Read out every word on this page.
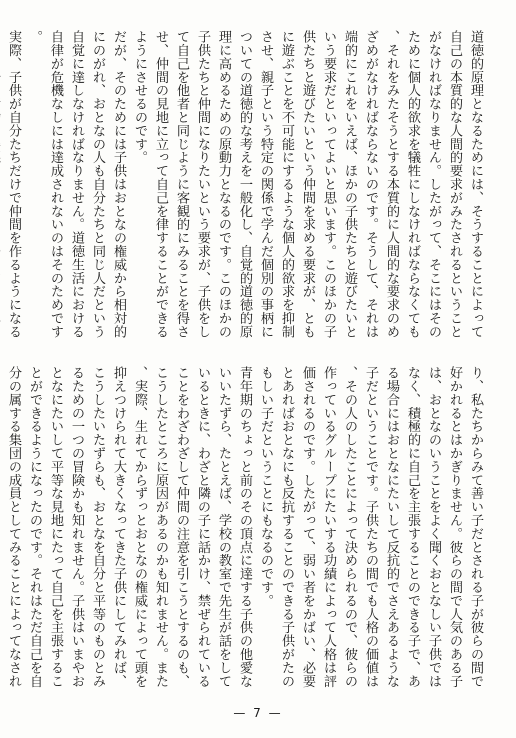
道徳的原理となるためには、そうすることによって自己の本質的な人間的要求がみたされるということがなければなりません。したがって、そこにはそのために個人的欲求を犠牲にしなければならなくても、それをみたそうとする本質的に人間的な要求のめざめがなければならないのです。そうして、それは端的にこれをいえば、ほかの子供たちと遊びたいという要求だといってよいと思います。このほかの子供たちと遊びたいという仲間を求める要求が、ともに遊ぶことを不可能にするような個人的欲求を抑制させ、親子という特定の関係で学んだ個別の事柄についての道徳的な考えを一般化し、自覚的道徳的原理に高めるための原動力となるのです。このほかの子供たちと仲間になりたいという要求が、子供をして自己を他者と同じように客観的にみることを得させ、仲間の見地に立って自己を律することができるようにさせるのです。

だが、そのためには子供はおとなの権威から相対的にのがれ、おとなの人も自分たちと同じ人だという自覚に達しなければなりません。道徳生活における自律が危機なしには達成されないのはそのためです。

実際、子供が自分たちだけで仲間を作るようになる

り、私たちからみて善い子だとされる子が彼らの間で好かれるとはかぎりません。彼らの間で人気のある子は、おとなのいうことをよく聞くおとなしい子供ではなく、積極的に自己を主張することのできる子で、ある場合にはおとなにたいして反抗的でさえあるような子だということです。子供たちの間でも人格の価値は、その人のしたことによって決められるので、彼らの作っているグループにたいする功績によって人格は評価されるのです。したがって、弱い者をかばい、必要とあればおとなにも反抗することのできる子供がたのもしい子だということにもなるのです。

青年期のちょっと前のその頂点に達する子供の他愛ないいたずら、たとえば、学校の教室で先生が話をしているときに、わざと隣の子に話かけ、禁ぜられていることをわざわざして仲間の注意を引こうとするのも、こうしたところに原因があるのかも知れません。また、実際、生れてからずっとおとなの権威によって頭を抑えつけられて大きくなってきた子供にしてみれば、こうしたいたずらも、おとなを自分と平等のものとみるための一つの冒険かも知れません。子供はいまやおとなにたいして平等な見地にたって自己を主張することができるようになったのです。それはただ自己を自分の属する集団の成員としてみることによってなされ

— 7 —
